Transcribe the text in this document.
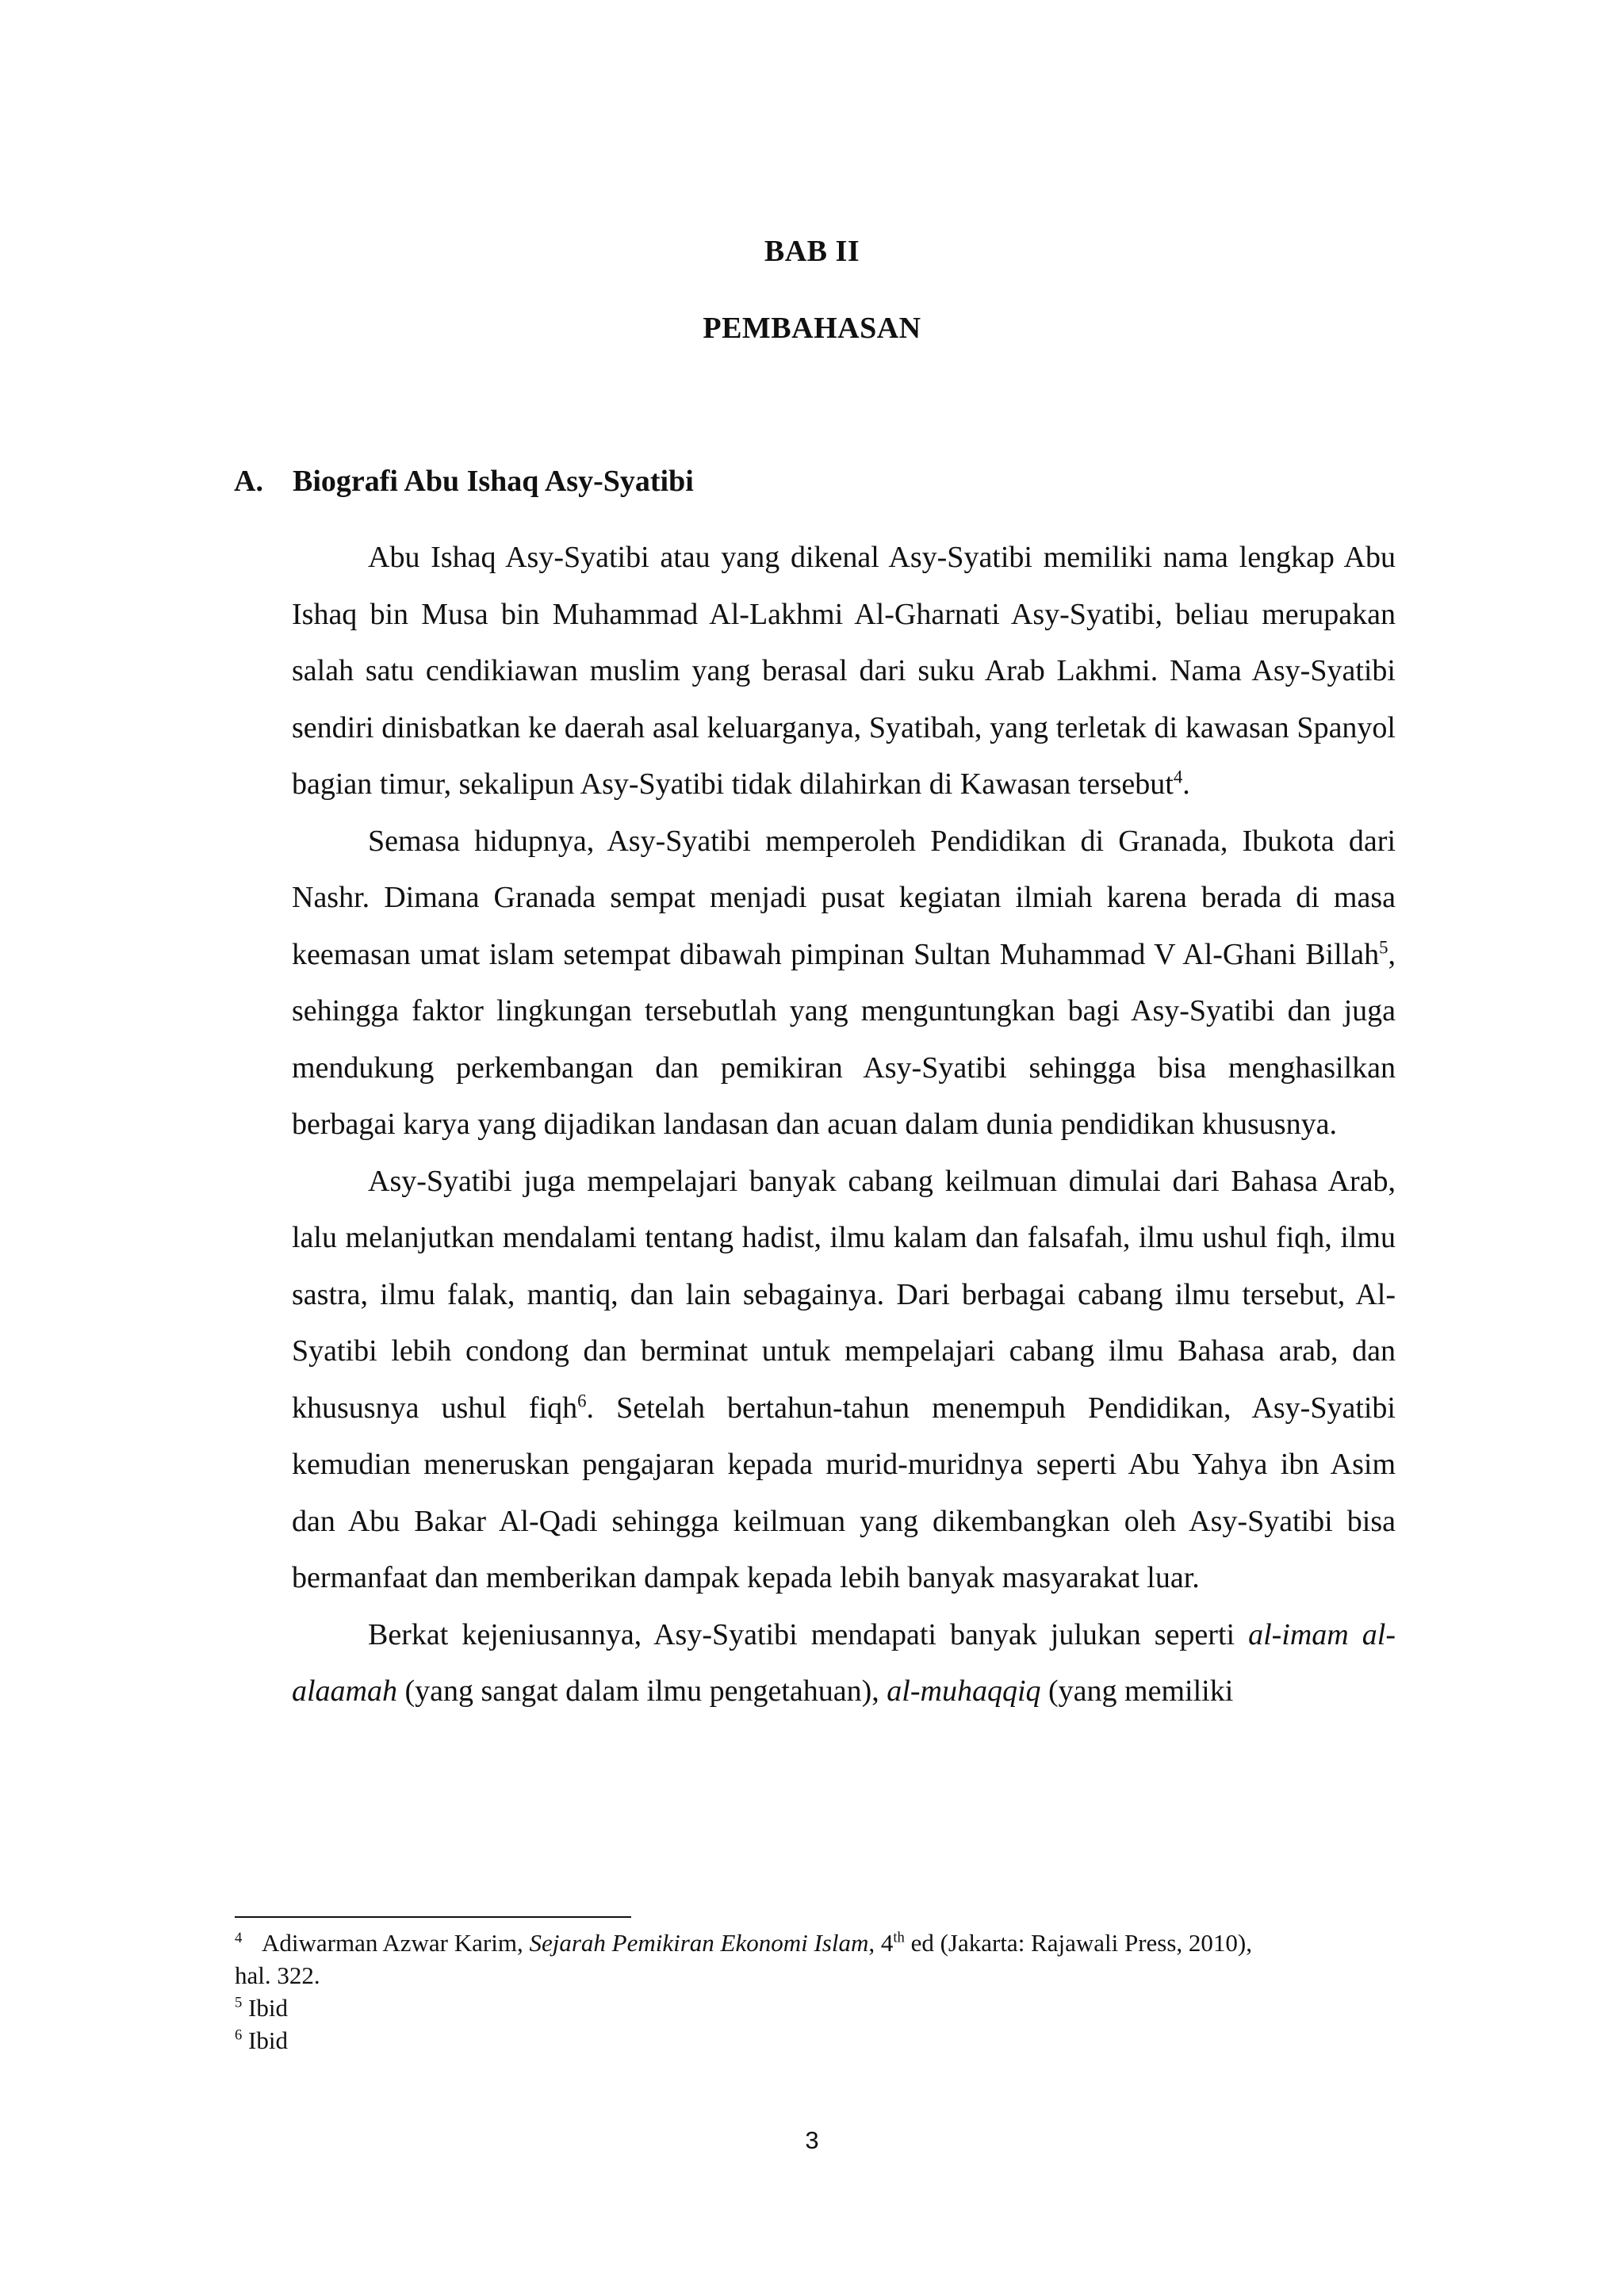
BAB II
PEMBAHASAN
A. Biografi Abu Ishaq Asy-Syatibi

Abu Ishaq Asy-Syatibi atau yang dikenal Asy-Syatibi memiliki nama lengkap Abu Ishaq bin Musa bin Muhammad Al-Lakhmi Al-Gharnati Asy-Syatibi, beliau merupakan salah satu cendikiawan muslim yang berasal dari suku Arab Lakhmi. Nama Asy-Syatibi sendiri dinisbatkan ke daerah asal keluarganya, Syatibah, yang terletak di kawasan Spanyol bagian timur, sekalipun Asy-Syatibi tidak dilahirkan di Kawasan tersebut$^4$.

Semasa hidupnya, Asy-Syatibi memperoleh Pendidikan di Granada, Ibukota dari Nashr. Dimana Granada sempat menjadi pusat kegiatan ilmiah karena berada di masa keemasan umat islam setempat dibawah pimpinan Sultan Muhammad V Al-Ghani Billah$^5$, sehingga faktor lingkungan tersebutlah yang menguntungkan bagi Asy-Syatibi dan juga mendukung perkembangan dan pemikiran Asy-Syatibi sehingga bisa menghasilkan berbagai karya yang dijadikan landasan dan acuan dalam dunia pendidikan khususnya.

Asy-Syatibi juga mempelajari banyak cabang keilmuan dimulai dari Bahasa Arab, lalu melanjutkan mendalami tentang hadist, ilmu kalam dan falsafah, ilmu ushul fiqh, ilmu sastra, ilmu falak, mantiq, dan lain sebagainya. Dari berbagai cabang ilmu tersebut, Al-Syatibi lebih condong dan berminat untuk mempelajari cabang ilmu Bahasa arab, dan khususnya ushul fiqh$^6$. Setelah bertahun-tahun menempuh Pendidikan, Asy-Syatibi kemudian meneruskan pengajaran kepada murid-muridnya seperti Abu Yahya ibn Asim dan Abu Bakar Al-Qadi sehingga keilmuan yang dikembangkan oleh Asy-Syatibi bisa bermanfaat dan memberikan dampak kepada lebih banyak masyarakat luar.

Berkat kejeniusannya, Asy-Syatibi mendapati banyak julukan seperti al-imam al-alaamah (yang sangat dalam ilmu pengetahuan), al-muhaqqiq (yang memiliki

$^4$ Adiwarman Azwar Karim, Sejarah Pemikiran Ekonomi Islam, 4th ed (Jakarta: Rajawali Press, 2010),
hal. 322.

$^5$ Ibid

$^6$ Ibid

3
